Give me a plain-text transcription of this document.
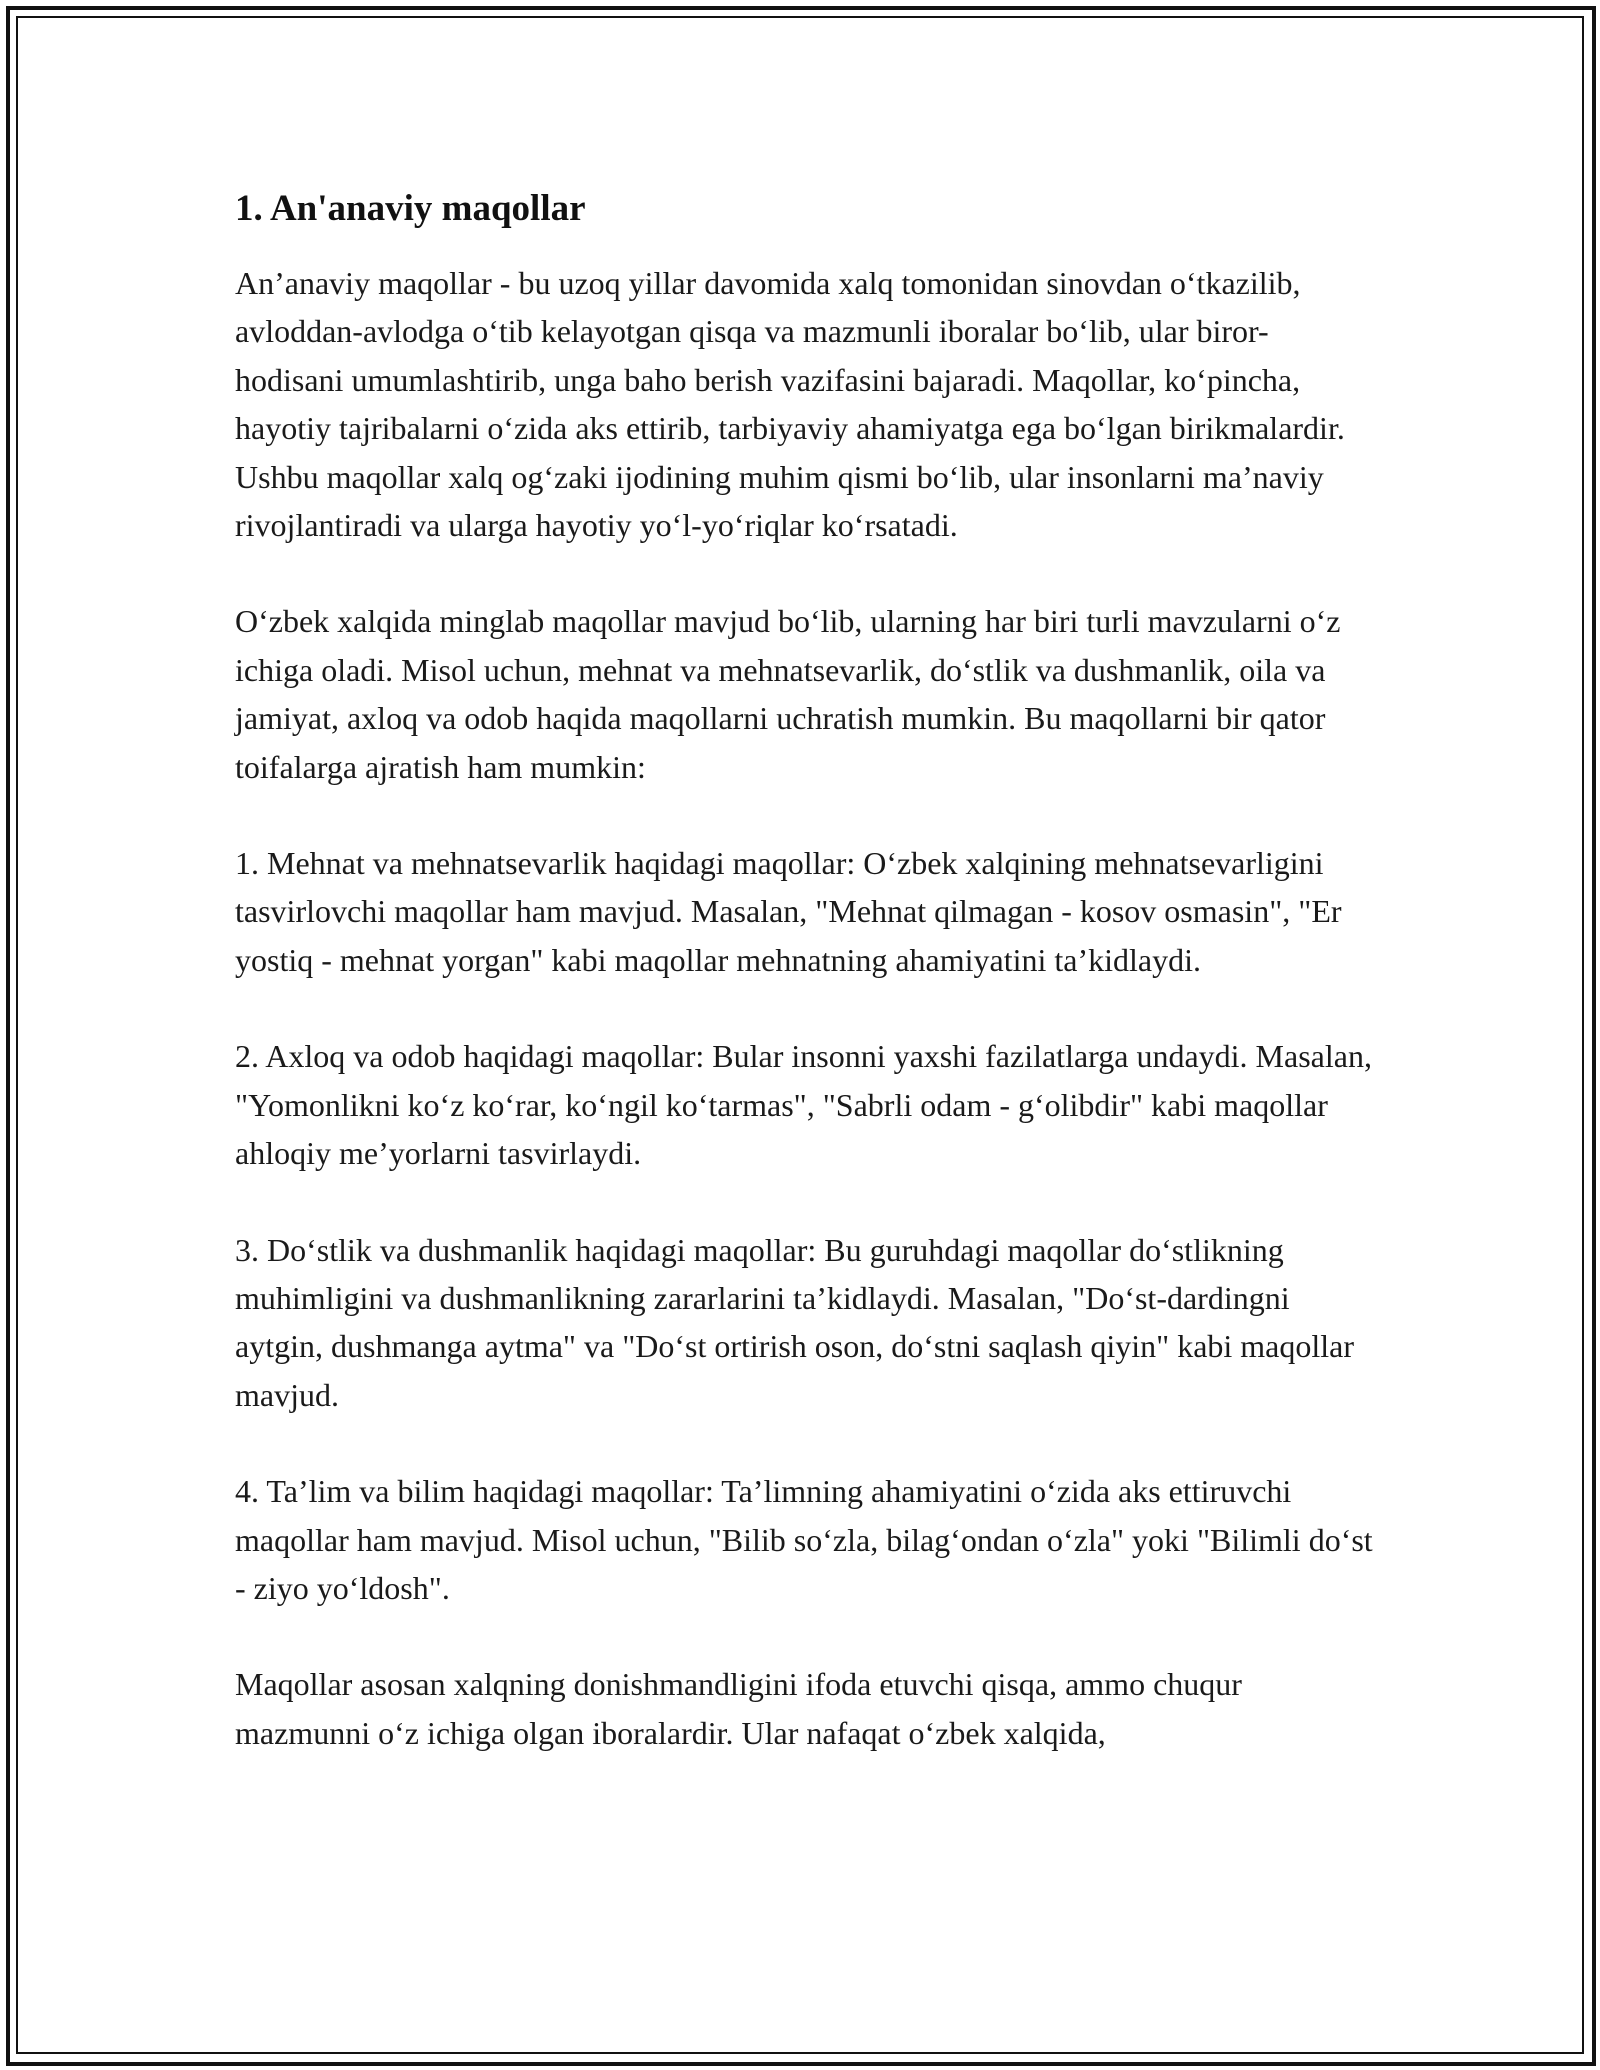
1. An'anaviy maqollar

An’anaviy maqollar - bu uzoq yillar davomida xalq tomonidan sinovdan o‘tkazilib, avloddan-avlodga o‘tib kelayotgan qisqa va mazmunli iboralar bo‘lib, ular biror-hodisani umumlashtirib, unga baho berish vazifasini bajaradi. Maqollar, ko‘pincha, hayotiy tajribalarni o‘zida aks ettirib, tarbiyaviy ahamiyatga ega bo‘lgan birikmalardir. Ushbu maqollar xalq og‘zaki ijodining muhim qismi bo‘lib, ular insonlarni ma’naviy rivojlantiradi va ularga hayotiy yo‘l-yo‘riqlar ko‘rsatadi.

O‘zbek xalqida minglab maqollar mavjud bo‘lib, ularning har biri turli mavzularni o‘z ichiga oladi. Misol uchun, mehnat va mehnatsevarlik, do‘stlik va dushmanlik, oila va jamiyat, axloq va odob haqida maqollarni uchratish mumkin. Bu maqollarni bir qator toifalarga ajratish ham mumkin:

1. Mehnat va mehnatsevarlik haqidagi maqollar: O‘zbek xalqining mehnatsevarligini tasvirlovchi maqollar ham mavjud. Masalan, "Mehnat qilmagan - kosov osmasin", "Er yostiq - mehnat yorgan" kabi maqollar mehnatning ahamiyatini ta’kidlaydi.

2. Axloq va odob haqidagi maqollar: Bular insonni yaxshi fazilatlarga undaydi. Masalan, "Yomonlikni ko‘z ko‘rar, ko‘ngil ko‘tarmas", "Sabrli odam - g‘olibdir" kabi maqollar ahloqiy me’yorlarni tasvirlaydi.

3. Do‘stlik va dushmanlik haqidagi maqollar: Bu guruhdagi maqollar do‘stlikning muhimligini va dushmanlikning zararlarini ta’kidlaydi. Masalan, "Do‘st-dardingni aytgin, dushmanga aytma" va "Do‘st ortirish oson, do‘stni saqlash qiyin" kabi maqollar mavjud.

4. Ta’lim va bilim haqidagi maqollar: Ta’limning ahamiyatini o‘zida aks ettiruvchi maqollar ham mavjud. Misol uchun, "Bilib so‘zla, bilag‘ondan o‘zla" yoki "Bilimli do‘st - ziyo yo‘ldosh".

Maqollar asosan xalqning donishmandligini ifoda etuvchi qisqa, ammo chuqur mazmunni o‘z ichiga olgan iboralardir. Ular nafaqat o‘zbek xalqida,
